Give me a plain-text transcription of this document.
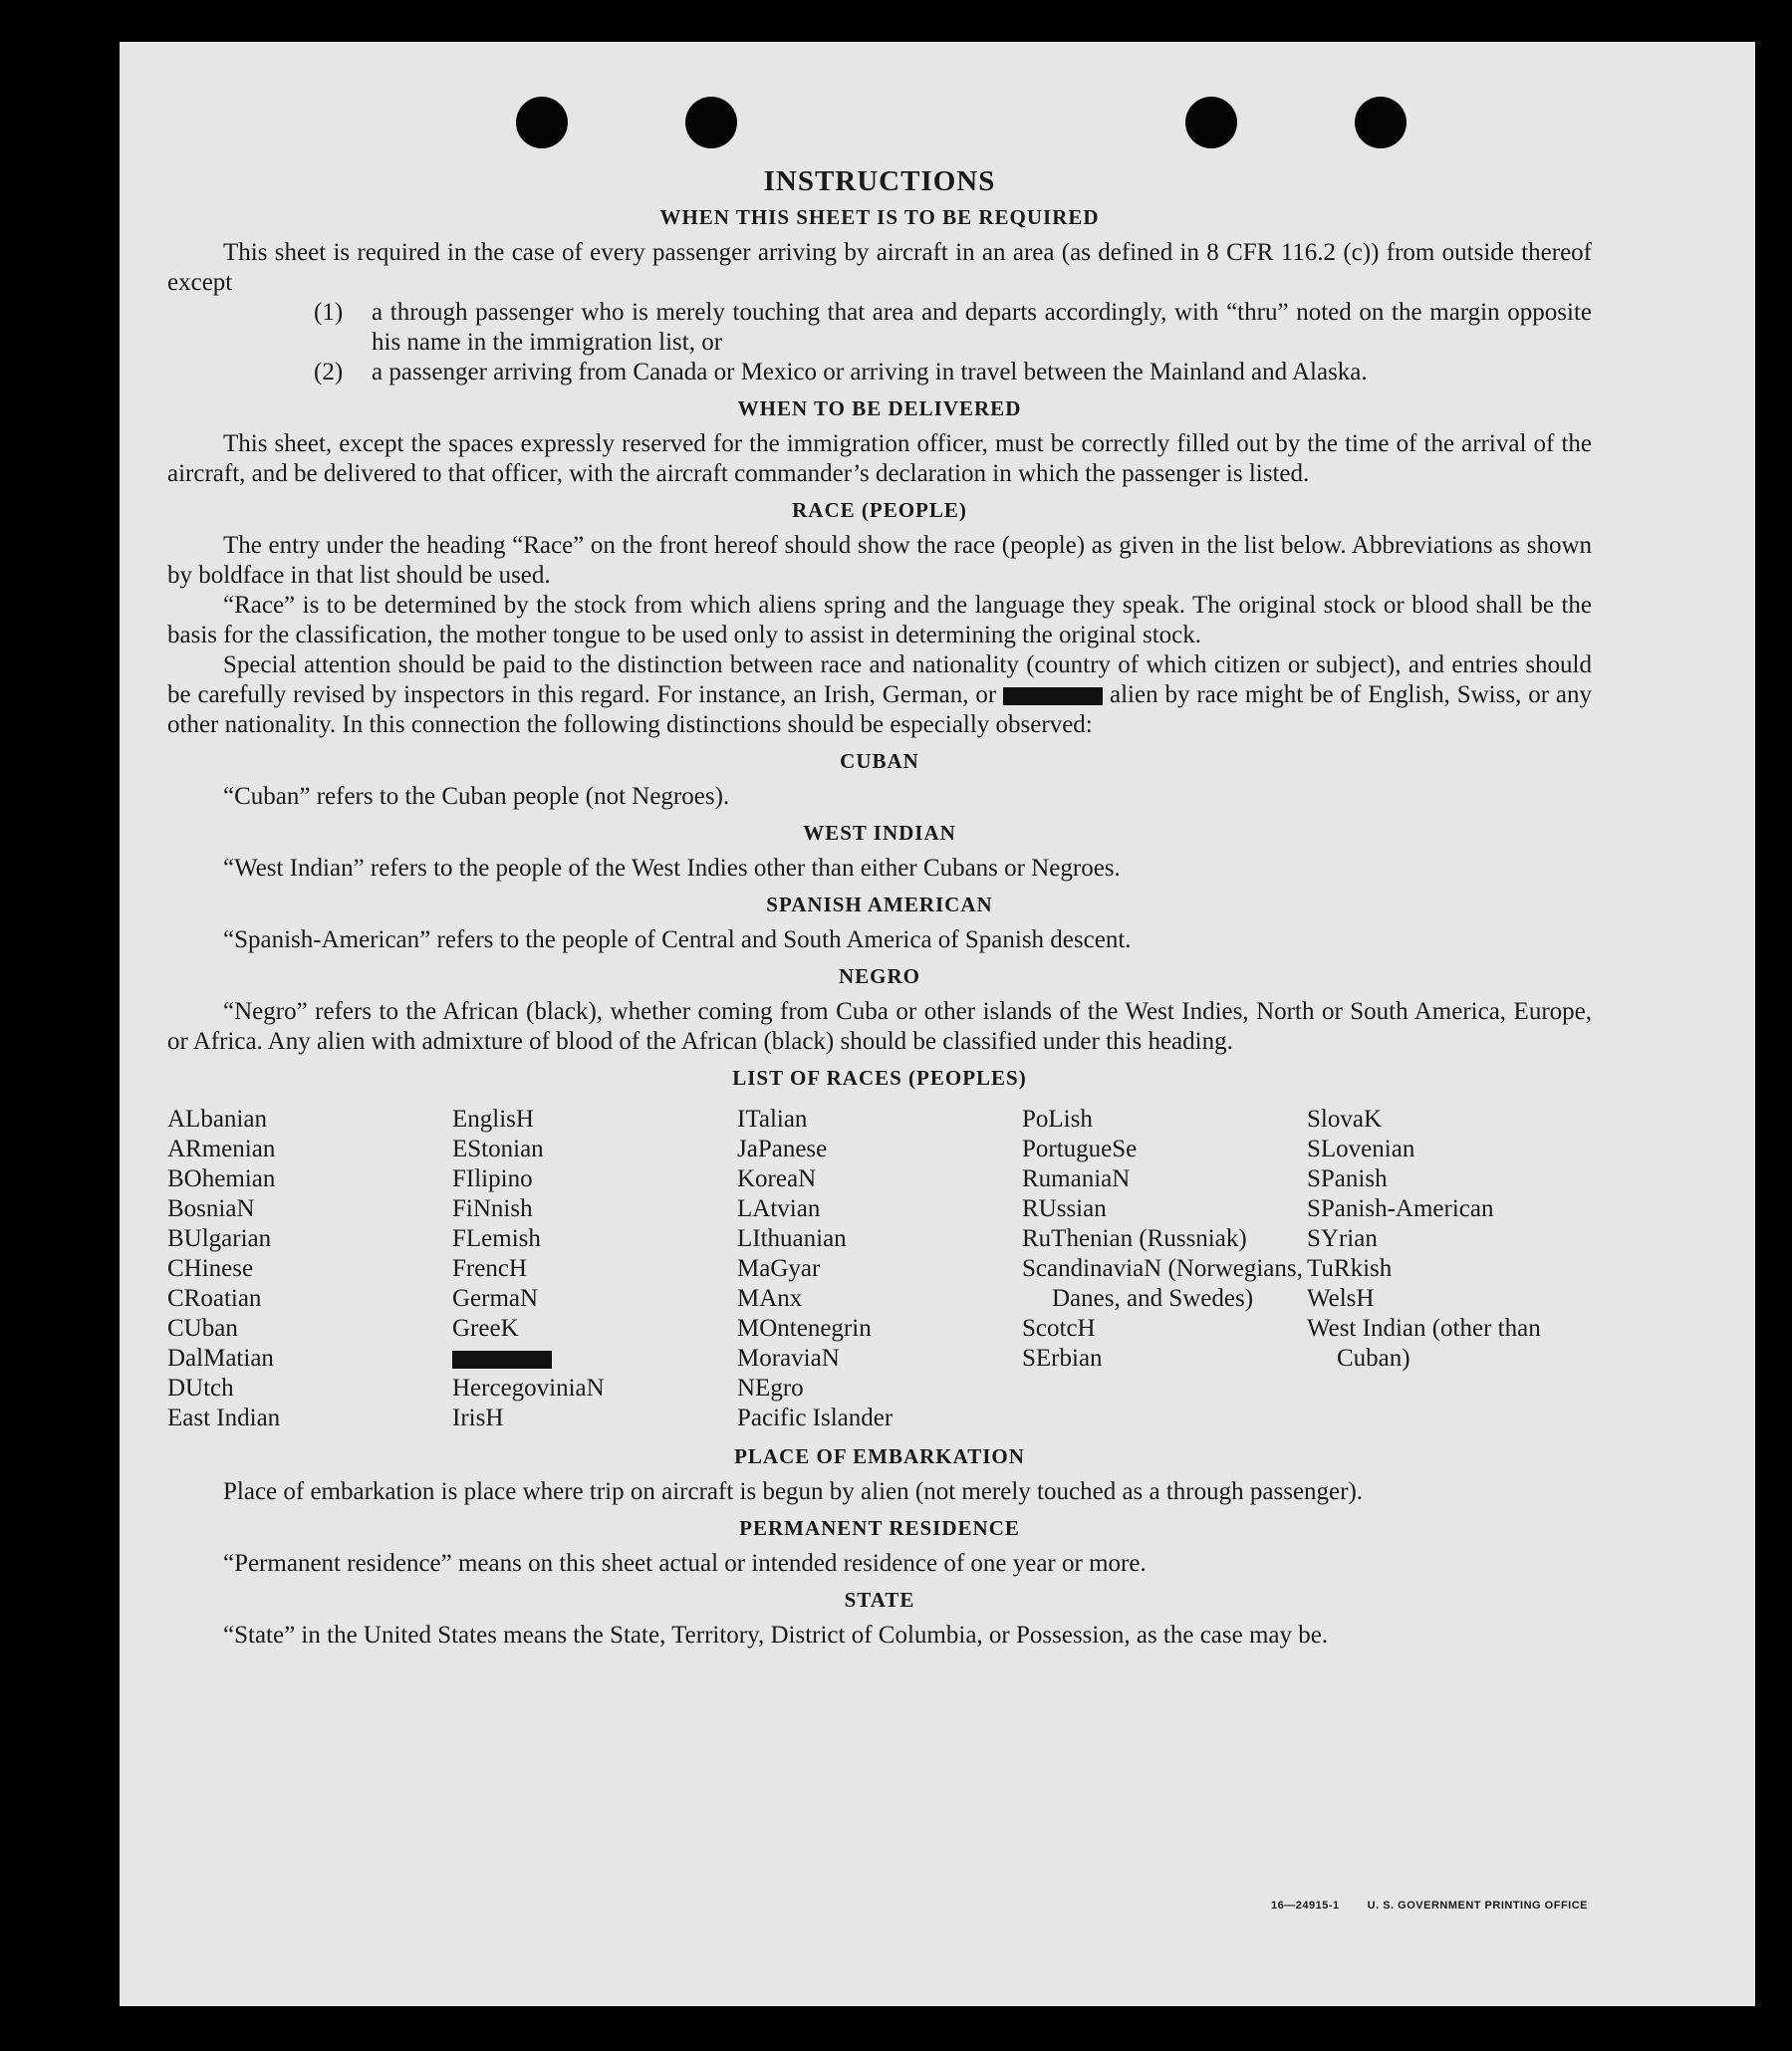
INSTRUCTIONS
WHEN THIS SHEET IS TO BE REQUIRED

This sheet is required in the case of every passenger arriving by aircraft in an area (as defined in 8 CFR 116.2 (c)) from outside thereof except

(1) a through passenger who is merely touching that area and departs accordingly, with “thru” noted on the margin opposite his name in the immigration list, or
(2) a passenger arriving from Canada or Mexico or arriving in travel between the Mainland and Alaska.
WHEN TO BE DELIVERED

This sheet, except the spaces expressly reserved for the immigration officer, must be correctly filled out by the time of the arrival of the aircraft, and be delivered to that officer, with the aircraft commander’s declaration in which the passenger is listed.

RACE (PEOPLE)

The entry under the heading “Race” on the front hereof should show the race (people) as given in the list below. Abbreviations as shown by boldface in that list should be used.

“Race” is to be determined by the stock from which aliens spring and the language they speak. The original stock or blood shall be the basis for the classification, the mother tongue to be used only to assist in determining the original stock.

Special attention should be paid to the distinction between race and nationality (country of which citizen or subject), and entries should be carefully revised by inspectors in this regard. For instance, an Irish, German, or	alien by race might be of English, Swiss, or any other nationality. In this connection the following distinctions should be especially observed:

CUBAN

“Cuban” refers to the Cuban people (not Negroes).

WEST INDIAN

“West Indian” refers to the people of the West Indies other than either Cubans or Negroes.

SPANISH AMERICAN

“Spanish-American” refers to the people of Central and South America of Spanish descent.

NEGRO

“Negro” refers to the African (black), whether coming from Cuba or other islands of the West Indies, North or South America, Europe, or Africa. Any alien with admixture of blood of the African (black) should be classified under this heading.

LIST OF RACES (PEOPLES)
ALbanian
ARmenian
BOhemian
BosniaN
BUlgarian
CHinese
CRoatian
CUban
DalMatian
DUtch
East Indian
EnglisH
EStonian
FIlipino
FiNnish
FLemish
FrencH
GermaN
GreeK
HercegoviniaN
IrisH
ITalian
JaPanese
KoreaN
LAtvian
LIthuanian
MaGyar
MAnx
MOntenegrin
MoraviaN
NEgro
Pacific Islander
PoLish
PortugueSe
RumaniaN
RUssian
RuThenian (Russniak)
ScandinaviaN (Norwegians, Danes, and Swedes)
ScotcH
SErbian
SlovaK
SLovenian
SPanish
SPanish-American
SYrian
TuRkish
WelsH
West Indian (other than Cuban)
PLACE OF EMBARKATION

Place of embarkation is place where trip on aircraft is begun by alien (not merely touched as a through passenger).

PERMANENT RESIDENCE

“Permanent residence” means on this sheet actual or intended residence of one year or more.

STATE

“State” in the United States means the State, Territory, District of Columbia, or Possession, as the case may be.

16—24915-1	U. S. GOVERNMENT PRINTING OFFICE
